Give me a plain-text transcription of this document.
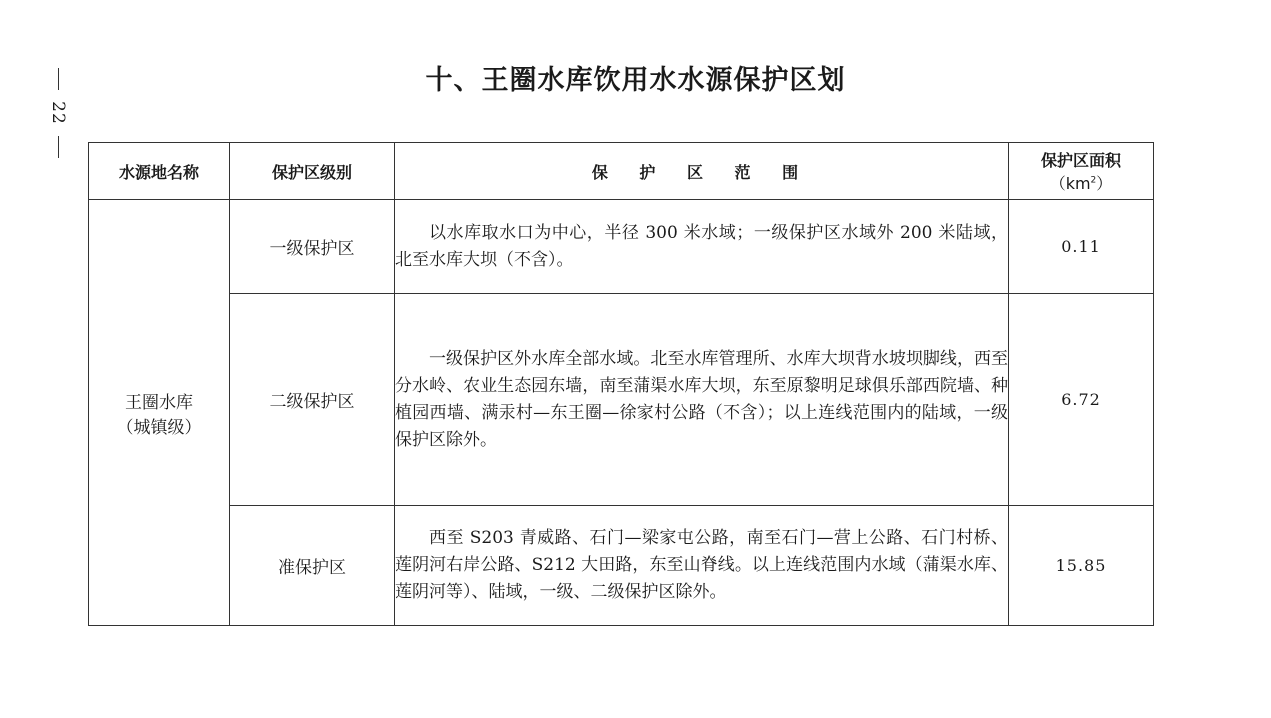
22
十、王圈水库饮用水水源保护区划
水源地名称	保护区级别	保 护 区 范 围	保护区面积
$(km^2)$

王圈水库
（城镇级）	一级保护区	以水库取水口为中心，半径 300 米水域；一级保护区水域外 200 米陆域，北至水库大坝（不含）。	0.11
	二级保护区	一级保护区外水库全部水域。北至水库管理所、水库大坝背水坡坝脚线，西至分水岭、农业生态园东墙，南至蒲渠水库大坝，东至原黎明足球俱乐部西院墙、种植园西墙、满汞村—东王圈—徐家村公路（不含）；以上连线范围内的陆域，一级保护区除外。	6.72
	准保护区	西至 S203 青威路、石门—梁家屯公路，南至石门—营上公路、石门村桥、莲阴河右岸公路、S212 大田路，东至山脊线。以上连线范围内水域（蒲渠水库、莲阴河等）、陆域，一级、二级保护区除外。	15.85
